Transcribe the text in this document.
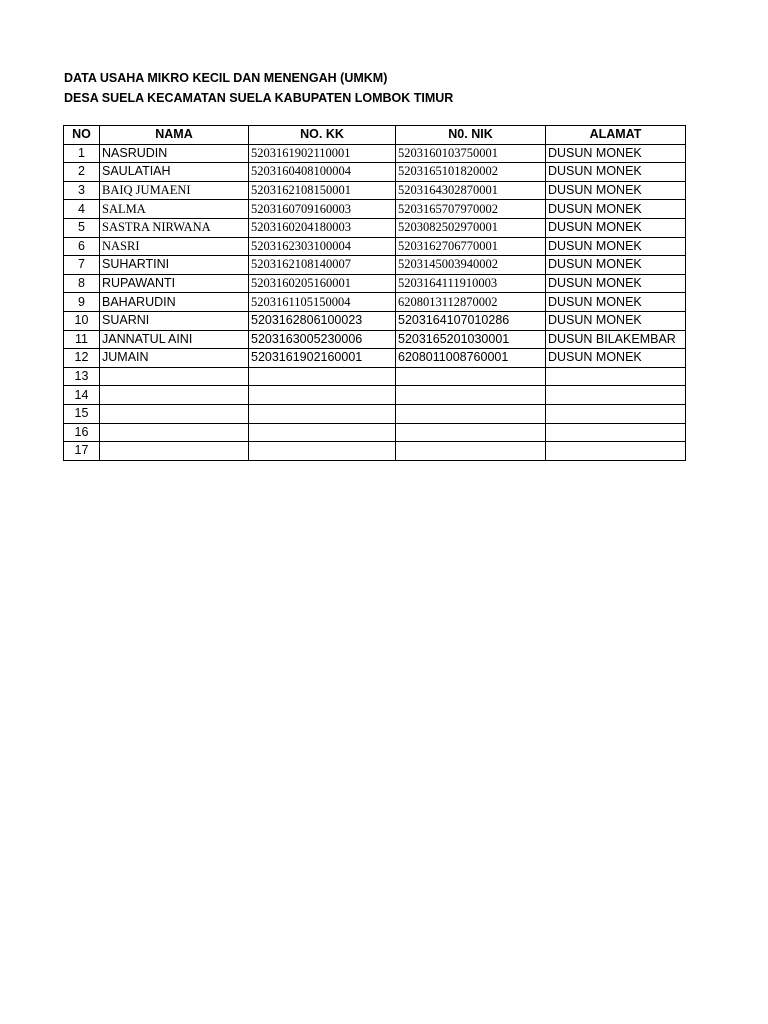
DATA USAHA MIKRO KECIL DAN MENENGAH (UMKM)
DESA SUELA KECAMATAN SUELA KABUPATEN LOMBOK TIMUR
NO	NAMA	NO. KK	N0. NIK	ALAMAT
1	NASRUDIN	5203161902110001	5203160103750001	DUSUN MONEK
2	SAULATIAH	5203160408100004	5203165101820002	DUSUN MONEK
3	BAIQ JUMAENI	5203162108150001	5203164302870001	DUSUN MONEK
4	SALMA	5203160709160003	5203165707970002	DUSUN MONEK
5	SASTRA NIRWANA	5203160204180003	5203082502970001	DUSUN MONEK
6	NASRI	5203162303100004	5203162706770001	DUSUN MONEK
7	SUHARTINI	5203162108140007	5203145003940002	DUSUN MONEK
8	RUPAWANTI	5203160205160001	5203164111910003	DUSUN MONEK
9	BAHARUDIN	5203161105150004	6208013112870002	DUSUN MONEK
10	SUARNI	5203162806100023	5203164107010286	DUSUN MONEK
11	JANNATUL AINI	5203163005230006	5203165201030001	DUSUN BILAKEMBAR
12	JUMAIN	5203161902160001	6208011008760001	DUSUN MONEK
13				
14				
15				
16				
17				
